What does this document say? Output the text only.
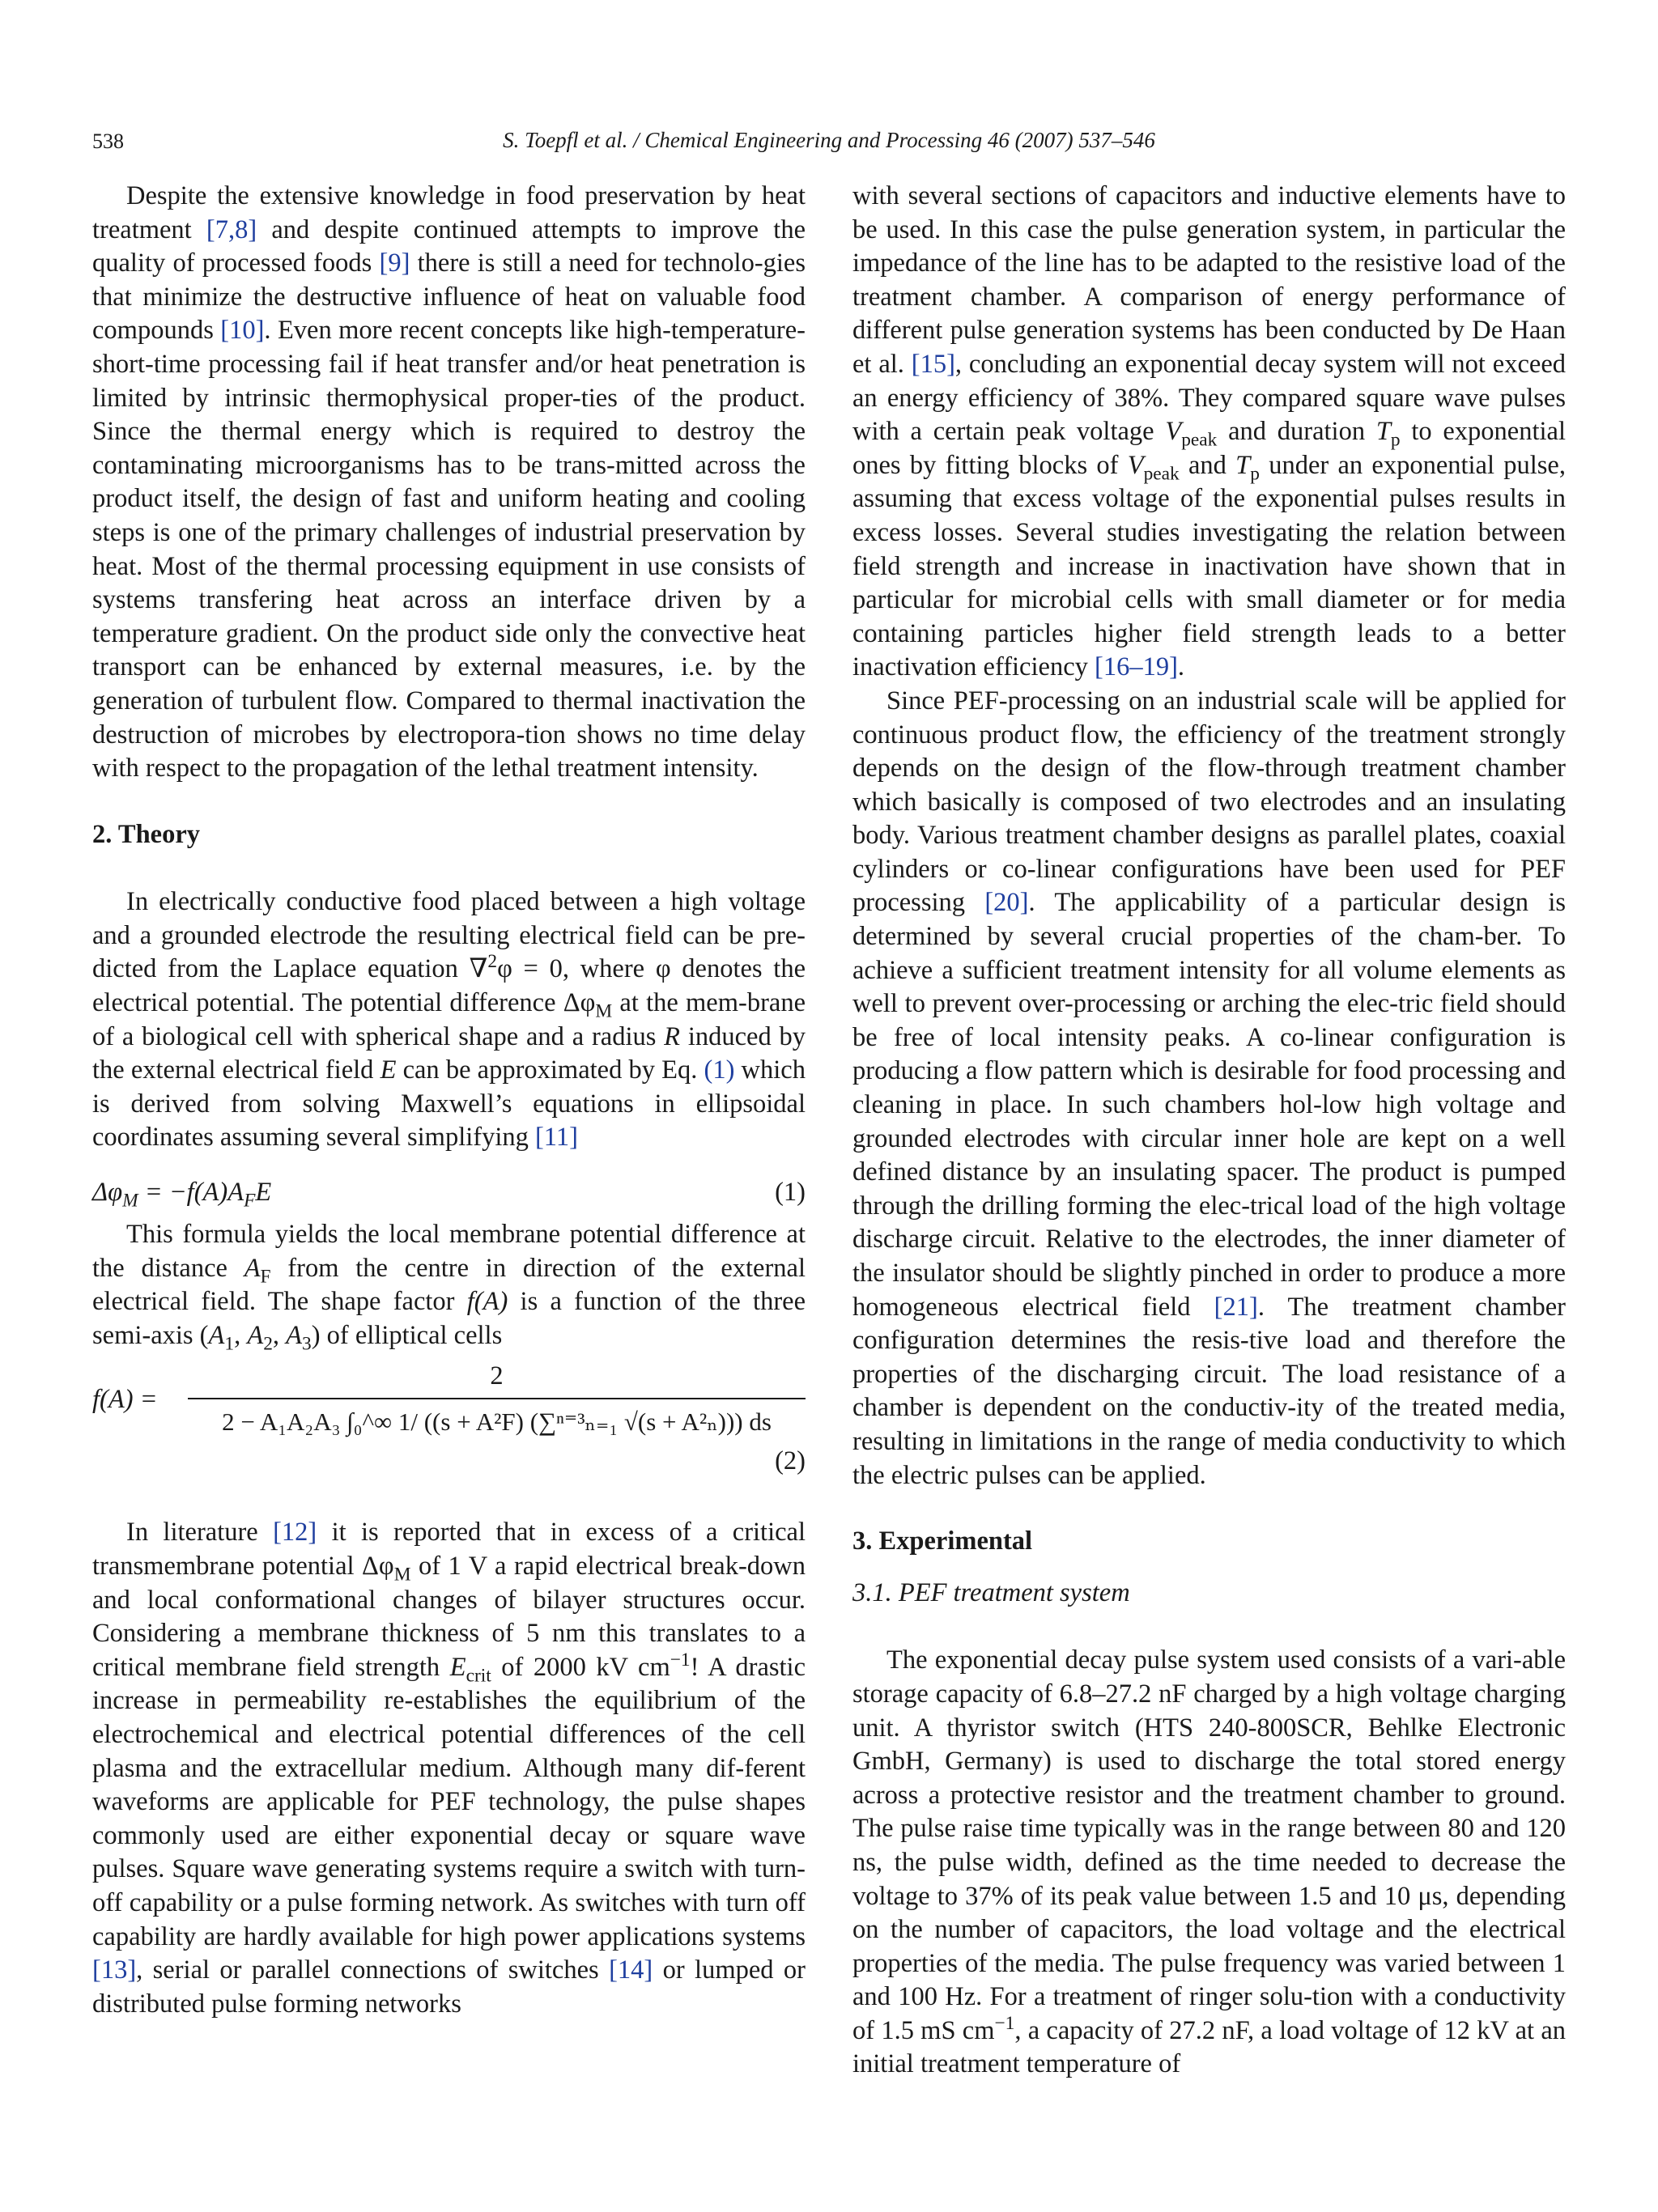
538	S. Toepfl et al. / Chemical Engineering and Processing 46 (2007) 537–546

Despite the extensive knowledge in food preservation by heat treatment [7,8] and despite continued attempts to improve the quality of processed foods [9] there is still a need for technolo-gies that minimize the destructive influence of heat on valuable food compounds [10]. Even more recent concepts like high-temperature-short-time processing fail if heat transfer and/or heat penetration is limited by intrinsic thermophysical proper-ties of the product. Since the thermal energy which is required to destroy the contaminating microorganisms has to be trans-mitted across the product itself, the design of fast and uniform heating and cooling steps is one of the primary challenges of industrial preservation by heat. Most of the thermal processing equipment in use consists of systems transfering heat across an interface driven by a temperature gradient. On the product side only the convective heat transport can be enhanced by external measures, i.e. by the generation of turbulent flow. Compared to thermal inactivation the destruction of microbes by electropora-tion shows no time delay with respect to the propagation of the lethal treatment intensity.

2. Theory

In electrically conductive food placed between a high voltage and a grounded electrode the resulting electrical field can be pre-dicted from the Laplace equation ∇$^2$φ = 0, where φ denotes the electrical potential. The potential difference $\Delta\varphi_M$ at the mem-brane of a biological cell with spherical shape and a radius R induced by the external electrical field E can be approximated by Eq. (1) which is derived from solving Maxwell’s equations in ellipsoidal coordinates assuming several simplifying [11]

$\Delta\varphi_M = -f(A)A_FE$	(1)

This formula yields the local membrane potential difference at the distance $A_F$ from the centre in direction of the external electrical field. The shape factor f(A) is a function of the three semi-axis ($A_1$, $A_2$, $A_3$) of elliptical cells

f(A) =
2
2 − A₁A₂A₃ ∫₀^∞ 1/ ((s + A²F) (∑ⁿ⁼³ₙ₌₁ √(s + A²ₙ))) ds
(2)

In literature [12] it is reported that in excess of a critical transmembrane potential $\Delta\varphi_M$ of 1 V a rapid electrical break-down and local conformational changes of bilayer structures occur. Considering a membrane thickness of 5 nm this translates to a critical membrane field strength $E_{crit}$ of 2000 kV $cm^{-1}$! A drastic increase in permeability re-establishes the equilibrium of the electrochemical and electrical potential differences of the cell plasma and the extracellular medium. Although many dif-ferent waveforms are applicable for PEF technology, the pulse shapes commonly used are either exponential decay or square wave pulses. Square wave generating systems require a switch with turn-off capability or a pulse forming network. As switches with turn off capability are hardly available for high power applications systems [13], serial or parallel connections of switches [14] or lumped or distributed pulse forming networks

with several sections of capacitors and inductive elements have to be used. In this case the pulse generation system, in particular the impedance of the line has to be adapted to the resistive load of the treatment chamber. A comparison of energy performance of different pulse generation systems has been conducted by De Haan et al. [15], concluding an exponential decay system will not exceed an energy efficiency of 38%. They compared square wave pulses with a certain peak voltage $V_{peak}$ and duration $T_p$ to exponential ones by fitting blocks of $V_{peak}$ and $T_p$ under an exponential pulse, assuming that excess voltage of the exponential pulses results in excess losses. Several studies investigating the relation between field strength and increase in inactivation have shown that in particular for microbial cells with small diameter or for media containing particles higher field strength leads to a better inactivation efficiency [16–19].

Since PEF-processing on an industrial scale will be applied for continuous product flow, the efficiency of the treatment strongly depends on the design of the flow-through treatment chamber which basically is composed of two electrodes and an insulating body. Various treatment chamber designs as parallel plates, coaxial cylinders or co-linear configurations have been used for PEF processing [20]. The applicability of a particular design is determined by several crucial properties of the cham-ber. To achieve a sufficient treatment intensity for all volume elements as well to prevent over-processing or arching the elec-tric field should be free of local intensity peaks. A co-linear configuration is producing a flow pattern which is desirable for food processing and cleaning in place. In such chambers hol-low high voltage and grounded electrodes with circular inner hole are kept on a well defined distance by an insulating spacer. The product is pumped through the drilling forming the elec-trical load of the high voltage discharge circuit. Relative to the electrodes, the inner diameter of the insulator should be slightly pinched in order to produce a more homogeneous electrical field [21]. The treatment chamber configuration determines the resis-tive load and therefore the properties of the discharging circuit. The load resistance of a chamber is dependent on the conductiv-ity of the treated media, resulting in limitations in the range of media conductivity to which the electric pulses can be applied.

3. Experimental
3.1. PEF treatment system

The exponential decay pulse system used consists of a vari-able storage capacity of 6.8–27.2 nF charged by a high voltage charging unit. A thyristor switch (HTS 240-800SCR, Behlke Electronic GmbH, Germany) is used to discharge the total stored energy across a protective resistor and the treatment chamber to ground. The pulse raise time typically was in the range between 80 and 120 ns, the pulse width, defined as the time needed to decrease the voltage to 37% of its peak value between 1.5 and 10 μs, depending on the number of capacitors, the load voltage and the electrical properties of the media. The pulse frequency was varied between 1 and 100 Hz. For a treatment of ringer solu-tion with a conductivity of 1.5 mS $cm^{-1}$, a capacity of 27.2 nF, a load voltage of 12 kV at an initial treatment temperature of
